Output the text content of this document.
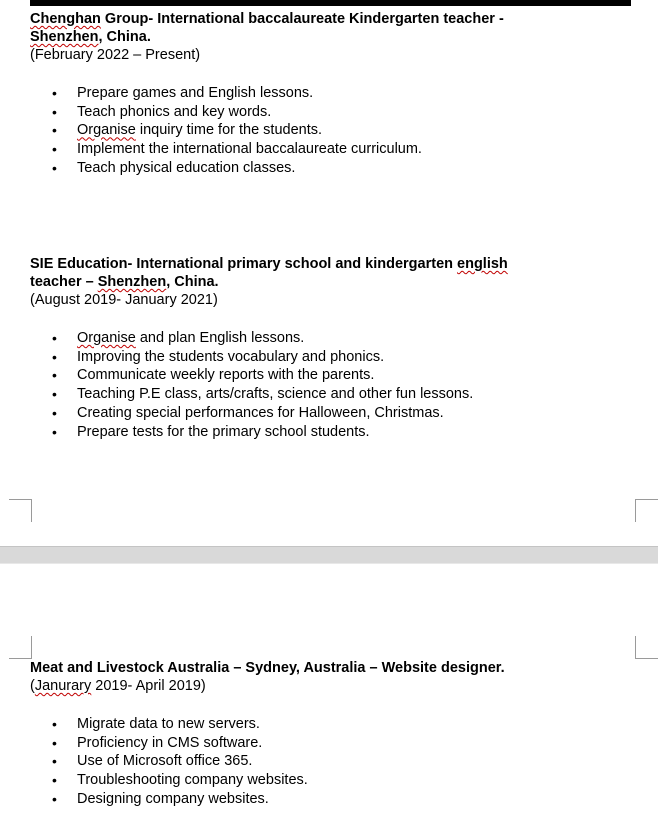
Chenghan Group- International baccalaureate Kindergarten teacher -
Shenzhen, China.

(February 2022 – Present)

• Prepare games and English lessons.
• Teach phonics and key words.
• Organise inquiry time for the students.
• Implement the international baccalaureate curriculum.
• Teach physical education classes.

SIE Education- International primary school and kindergarten english
teacher – Shenzhen, China.

(August 2019- January 2021)

• Organise and plan English lessons.
• Improving the students vocabulary and phonics.
• Communicate weekly reports with the parents.
• Teaching P.E class, arts/crafts, science and other fun lessons.
• Creating special performances for Halloween, Christmas.
• Prepare tests for the primary school students.

Meat and Livestock Australia – Sydney, Australia – Website designer.

(Janurary 2019- April 2019)

• Migrate data to new servers.
• Proficiency in CMS software.
• Use of Microsoft office 365.
• Troubleshooting company websites.
• Designing company websites.
